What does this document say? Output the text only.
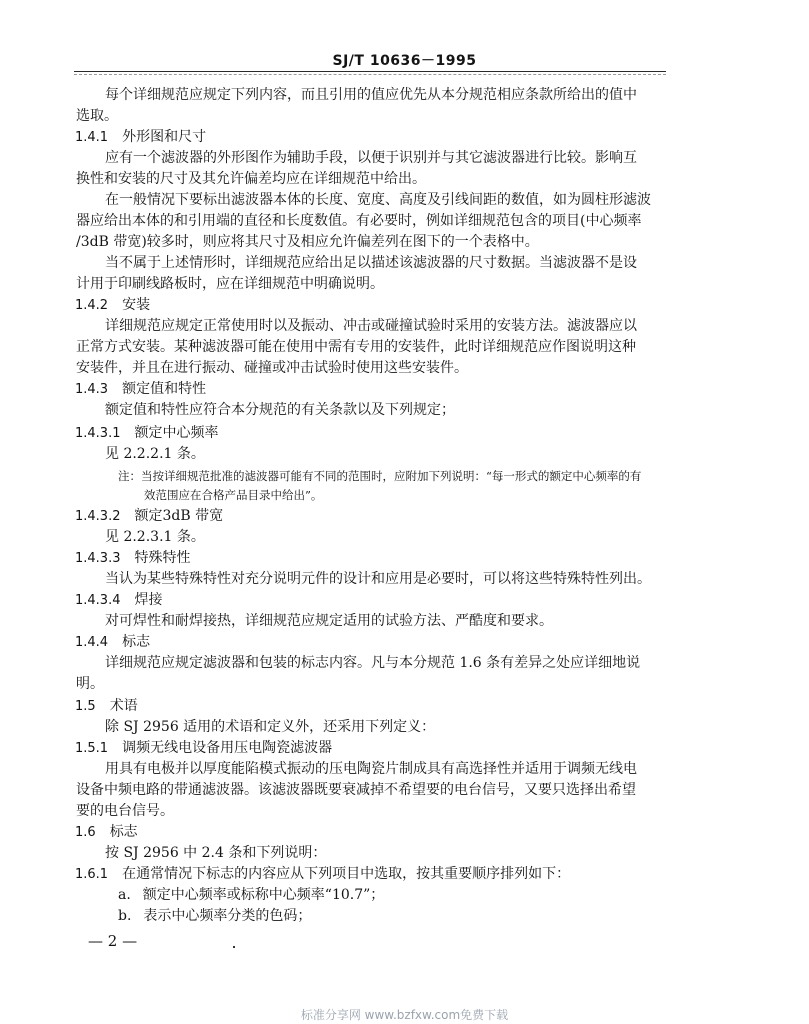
SJ/T 10636－1995
每个详细规范应规定下列内容，而且引用的值应优先从本分规范相应条款所给出的值中
选取。
1.4.1 外形图和尺寸
应有一个滤波器的外形图作为辅助手段，以便于识别并与其它滤波器进行比较。影响互
换性和安装的尺寸及其允许偏差均应在详细规范中给出。
在一般情况下要标出滤波器本体的长度、宽度、高度及引线间距的数值，如为圆柱形滤波
器应给出本体的和引用端的直径和长度数值。有必要时，例如详细规范包含的项目(中心频率
/3dB 带宽)较多时，则应将其尺寸及相应允许偏差列在图下的一个表格中。
当不属于上述情形时，详细规范应给出足以描述该滤波器的尺寸数据。当滤波器不是设
计用于印刷线路板时，应在详细规范中明确说明。
1.4.2 安装
详细规范应规定正常使用时以及振动、冲击或碰撞试验时采用的安装方法。滤波器应以
正常方式安装。某种滤波器可能在使用中需有专用的安装件，此时详细规范应作图说明这种
安装件，并且在进行振动、碰撞或冲击试验时使用这些安装件。
1.4.3 额定值和特性
额定值和特性应符合本分规范的有关条款以及下列规定；
1.4.3.1 额定中心频率
见 2.2.2.1 条。
注：当按详细规范批准的滤波器可能有不同的范围时，应附加下列说明：“每一形式的额定中心频率的有
效范围应在合格产品目录中给出”。
1.4.3.2 额定3dB 带宽
见 2.2.3.1 条。
1.4.3.3 特殊特性
当认为某些特殊特性对充分说明元件的设计和应用是必要时，可以将这些特殊特性列出。
1.4.3.4 焊接
对可焊性和耐焊接热，详细规范应规定适用的试验方法、严酷度和要求。
1.4.4 标志
详细规范应规定滤波器和包装的标志内容。凡与本分规范 1.6 条有差异之处应详细地说
明。
1.5 术语
除 SJ 2956 适用的术语和定义外，还采用下列定义：
1.5.1 调频无线电设备用压电陶瓷滤波器
用具有电极并以厚度能陷模式振动的压电陶瓷片制成具有高选择性并适用于调频无线电
设备中频电路的带通滤波器。该滤波器既要衰减掉不希望要的电台信号，又要只选择出希望
要的电台信号。
1.6 标志
按 SJ 2956 中 2.4 条和下列说明：
1.6.1 在通常情况下标志的内容应从下列项目中选取，按其重要顺序排列如下：
a. 额定中心频率或标称中心频率“10.7”；
b. 表示中心频率分类的色码；
— 2 —
标准分享网 www.bzfxw.com免费下载
